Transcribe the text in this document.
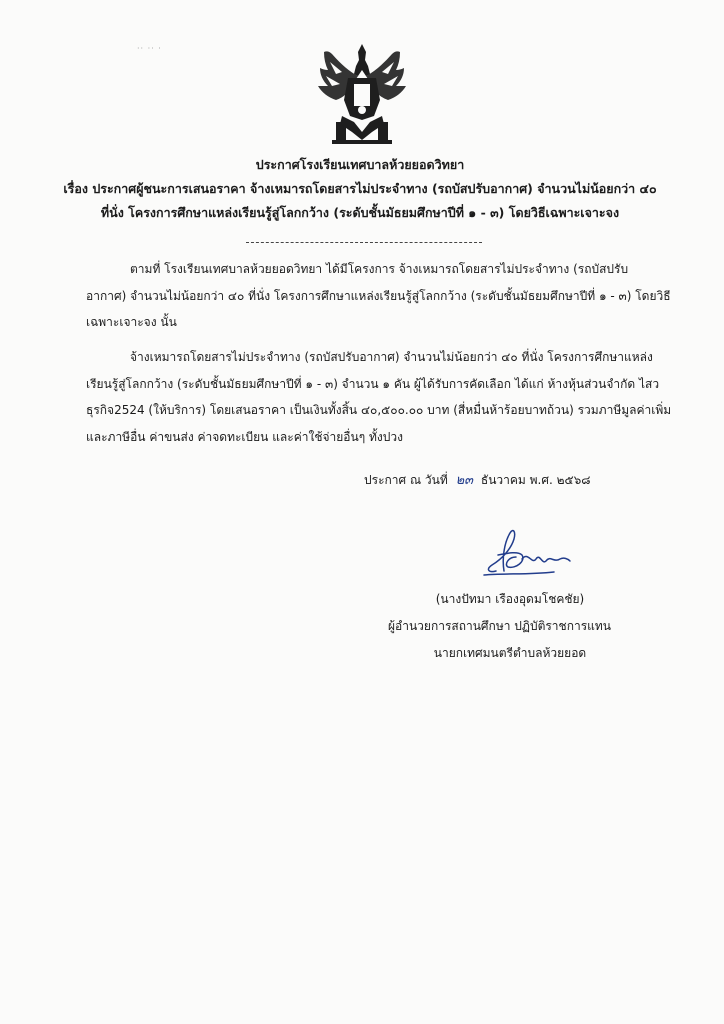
·· ·· ·
ประกาศโรงเรียนเทศบาลห้วยยอดวิทยา
เรื่อง ประกาศผู้ชนะการเสนอราคา จ้างเหมารถโดยสารไม่ประจำทาง (รถบัสปรับอากาศ) จำนวนไม่น้อยกว่า ๔๐
ที่นั่ง โครงการศึกษาแหล่งเรียนรู้สู่โลกกว้าง (ระดับชั้นมัธยมศึกษาปีที่ ๑ - ๓) โดยวิธีเฉพาะเจาะจง
ตามที่ โรงเรียนเทศบาลห้วยยอดวิทยา ได้มีโครงการ จ้างเหมารถโดยสารไม่ประจำทาง (รถบัสปรับ
อากาศ) จำนวนไม่น้อยกว่า ๔๐ ที่นั่ง โครงการศึกษาแหล่งเรียนรู้สู่โลกกว้าง (ระดับชั้นมัธยมศึกษาปีที่ ๑ - ๓) โดยวิธี
เฉพาะเจาะจง นั้น
จ้างเหมารถโดยสารไม่ประจำทาง (รถบัสปรับอากาศ) จำนวนไม่น้อยกว่า ๔๐ ที่นั่ง โครงการศึกษาแหล่ง
เรียนรู้สู่โลกกว้าง (ระดับชั้นมัธยมศึกษาปีที่ ๑ - ๓) จำนวน ๑ คัน ผู้ได้รับการคัดเลือก ได้แก่ ห้างหุ้นส่วนจำกัด ไสว
ธุรกิจ2524 (ให้บริการ) โดยเสนอราคา เป็นเงินทั้งสิ้น ๔๐,๕๐๐.๐๐ บาท (สี่หมื่นห้าร้อยบาทถ้วน) รวมภาษีมูลค่าเพิ่ม
และภาษีอื่น ค่าขนส่ง ค่าจดทะเบียน และค่าใช้จ่ายอื่นๆ ทั้งปวง
ประกาศ ณ วันที่ ๒๓ ธันวาคม พ.ศ. ๒๕๖๘
(นางปัทมา เรืองอุดมโชคชัย)
ผู้อำนวยการสถานศึกษา ปฏิบัติราชการแทน
นายกเทศมนตรีตำบลห้วยยอด
